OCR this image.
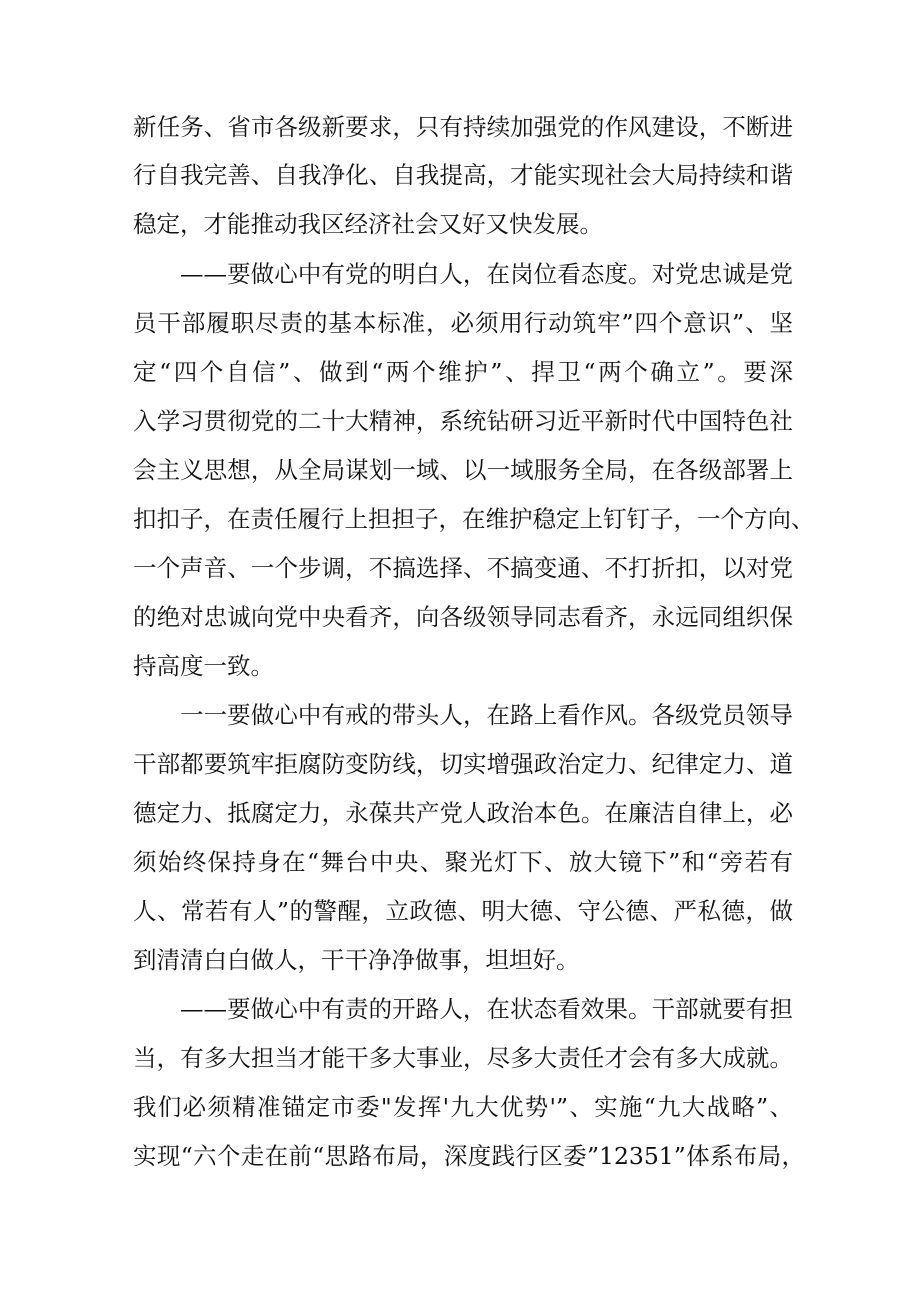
新任务、省市各级新要求，只有持续加强党的作风建设，不断进
行自我完善、自我净化、自我提高，才能实现社会大局持续和谐
稳定，才能推动我区经济社会又好又快发展。
——要做心中有党的明白人，在岗位看态度。对党忠诚是党
员干部履职尽责的基本标准，必须用行动筑牢”四个意识”、坚
定“四个自信”、做到“两个维护”、捍卫“两个确立”。要深
入学习贯彻党的二十大精神，系统钻研习近平新时代中国特色社
会主义思想，从全局谋划一域、以一域服务全局，在各级部署上
扣扣子，在责任履行上担担子，在维护稳定上钉钉子，一个方向、
一个声音、一个步调，不搞选择、不搞变通、不打折扣，以对党
的绝对忠诚向党中央看齐，向各级领导同志看齐，永远同组织保
持高度一致。
一一要做心中有戒的带头人，在路上看作风。各级党员领导
干部都要筑牢拒腐防变防线，切实增强政治定力、纪律定力、道
德定力、抵腐定力，永葆共产党人政治本色。在廉洁自律上，必
须始终保持身在“舞台中央、聚光灯下、放大镜下”和“旁若有
人、常若有人”的警醒，立政德、明大德、守公德、严私德，做
到清清白白做人，干干净净做事，坦坦好。
——要做心中有责的开路人，在状态看效果。干部就要有担
当，有多大担当才能干多大事业，尽多大责任才会有多大成就。
我们必须精准锚定市委"发挥'九大优势'”、实施“九大战略”、
实现“六个走在前“思路布局，深度践行区委”12351”体系布局，
